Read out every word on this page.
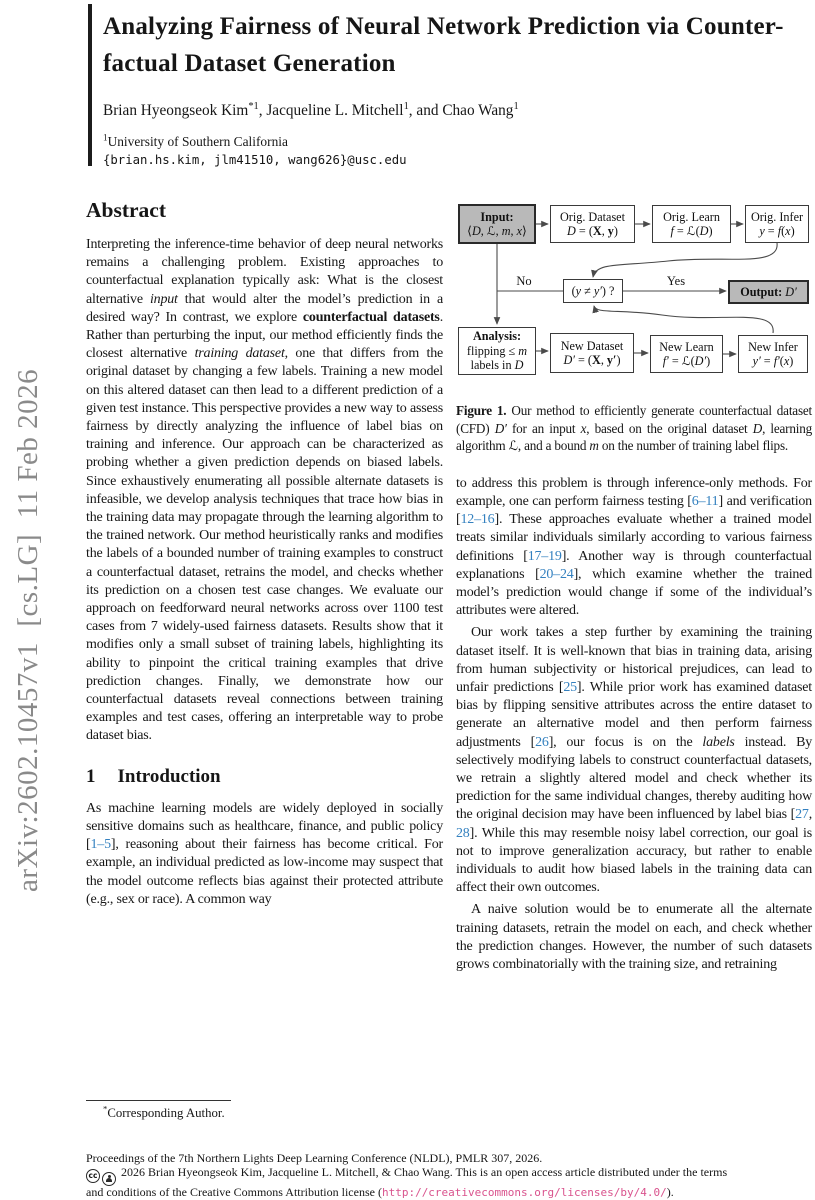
arXiv:2602.10457v1  [cs.LG]  11 Feb 2026
Analyzing Fairness of Neural Network Prediction via Counter-
factual Dataset Generation

Brian Hyeongseok Kim$^{*1}$, Jacqueline L. Mitchell$^1$, and Chao Wang$^1$

$^1$University of Southern California

{brian.hs.kim, jlm41510, wang626}@usc.edu

Abstract

Interpreting the inference-time behavior of deep neural networks remains a challenging problem. Existing approaches to counterfactual explanation typically ask: What is the closest alternative input that would alter the model’s prediction in a desired way? In contrast, we explore counterfactual datasets. Rather than perturbing the input, our method efficiently finds the closest alternative training dataset, one that differs from the original dataset by changing a few labels. Training a new model on this altered dataset can then lead to a different prediction of a given test instance. This perspective provides a new way to assess fairness by directly analyzing the influence of label bias on training and inference. Our approach can be characterized as probing whether a given prediction depends on biased labels. Since exhaustively enumerating all possible alternate datasets is infeasible, we develop analysis techniques that trace how bias in the training data may propagate through the learning algorithm to the trained network. Our method heuristically ranks and modifies the labels of a bounded number of training examples to construct a counterfactual dataset, retrains the model, and checks whether its prediction on a chosen test case changes. We evaluate our approach on feedforward neural networks across over 1100 test cases from 7 widely-used fairness datasets. Results show that it modifies only a small subset of training labels, highlighting its ability to pinpoint the critical training examples that drive prediction changes. Finally, we demonstrate how our counterfactual datasets reveal connections between training examples and test cases, offering an interpretable way to probe dataset bias.

1 Introduction

As machine learning models are widely deployed in socially sensitive domains such as healthcare, finance, and public policy [1–5], reasoning about their fairness has become critical. For example, an individual predicted as low-income may suspect that the model outcome reflects bias against their protected attribute (e.g., sex or race). A common way

*Corresponding Author.

Input:
⟨D, ℒ, m, x⟩
Orig. Dataset
D = (X, y)
Orig. Learn
f = ℒ(D)
Orig. Infer
y = f(x)
(y ≠ y′) ?	Output: D′
Analysis:
flipping ≤ m
labels in D
New Dataset
D′ = (X, y′)
New Learn
f′ = ℒ(D′)
New Infer
y′ = f′(x)
No	Yes

Figure 1. Our method to efficiently generate counterfactual dataset (CFD) D′ for an input x, based on the original dataset D, learning algorithm ℒ, and a bound m on the number of training label flips.

to address this problem is through inference-only methods. For example, one can perform fairness testing [6–11] and verification [12–16]. These approaches evaluate whether a trained model treats similar individuals similarly according to various fairness definitions [17–19]. Another way is through counterfactual explanations [20–24], which examine whether the trained model’s prediction would change if some of the individual’s attributes were altered.

Our work takes a step further by examining the training dataset itself. It is well-known that bias in training data, arising from human subjectivity or historical prejudices, can lead to unfair predictions [25]. While prior work has examined dataset bias by flipping sensitive attributes across the entire dataset to generate an alternative model and then perform fairness adjustments [26], our focus is on the labels instead. By selectively modifying labels to construct counterfactual datasets, we retrain a slightly altered model and check whether its prediction for the same individual changes, thereby auditing how the original decision may have been influenced by label bias [27, 28]. While this may resemble noisy label correction, our goal is not to improve generalization accuracy, but rather to enable individuals to audit how biased labels in the training data can affect their own outcomes.

A naive solution would be to enumerate all the alternate training datasets, retrain the model on each, and check whether the prediction changes. However, the number of such datasets grows combinatorially with the training size, and retraining

Proceedings of the 7th Northern Lights Deep Learning Conference (NLDL), PMLR 307, 2026.

cc 2026 Brian Hyeongseok Kim, Jacqueline L. Mitchell, & Chao Wang. This is an open access article distributed under the terms

and conditions of the Creative Commons Attribution license (http://creativecommons.org/licenses/by/4.0/).
